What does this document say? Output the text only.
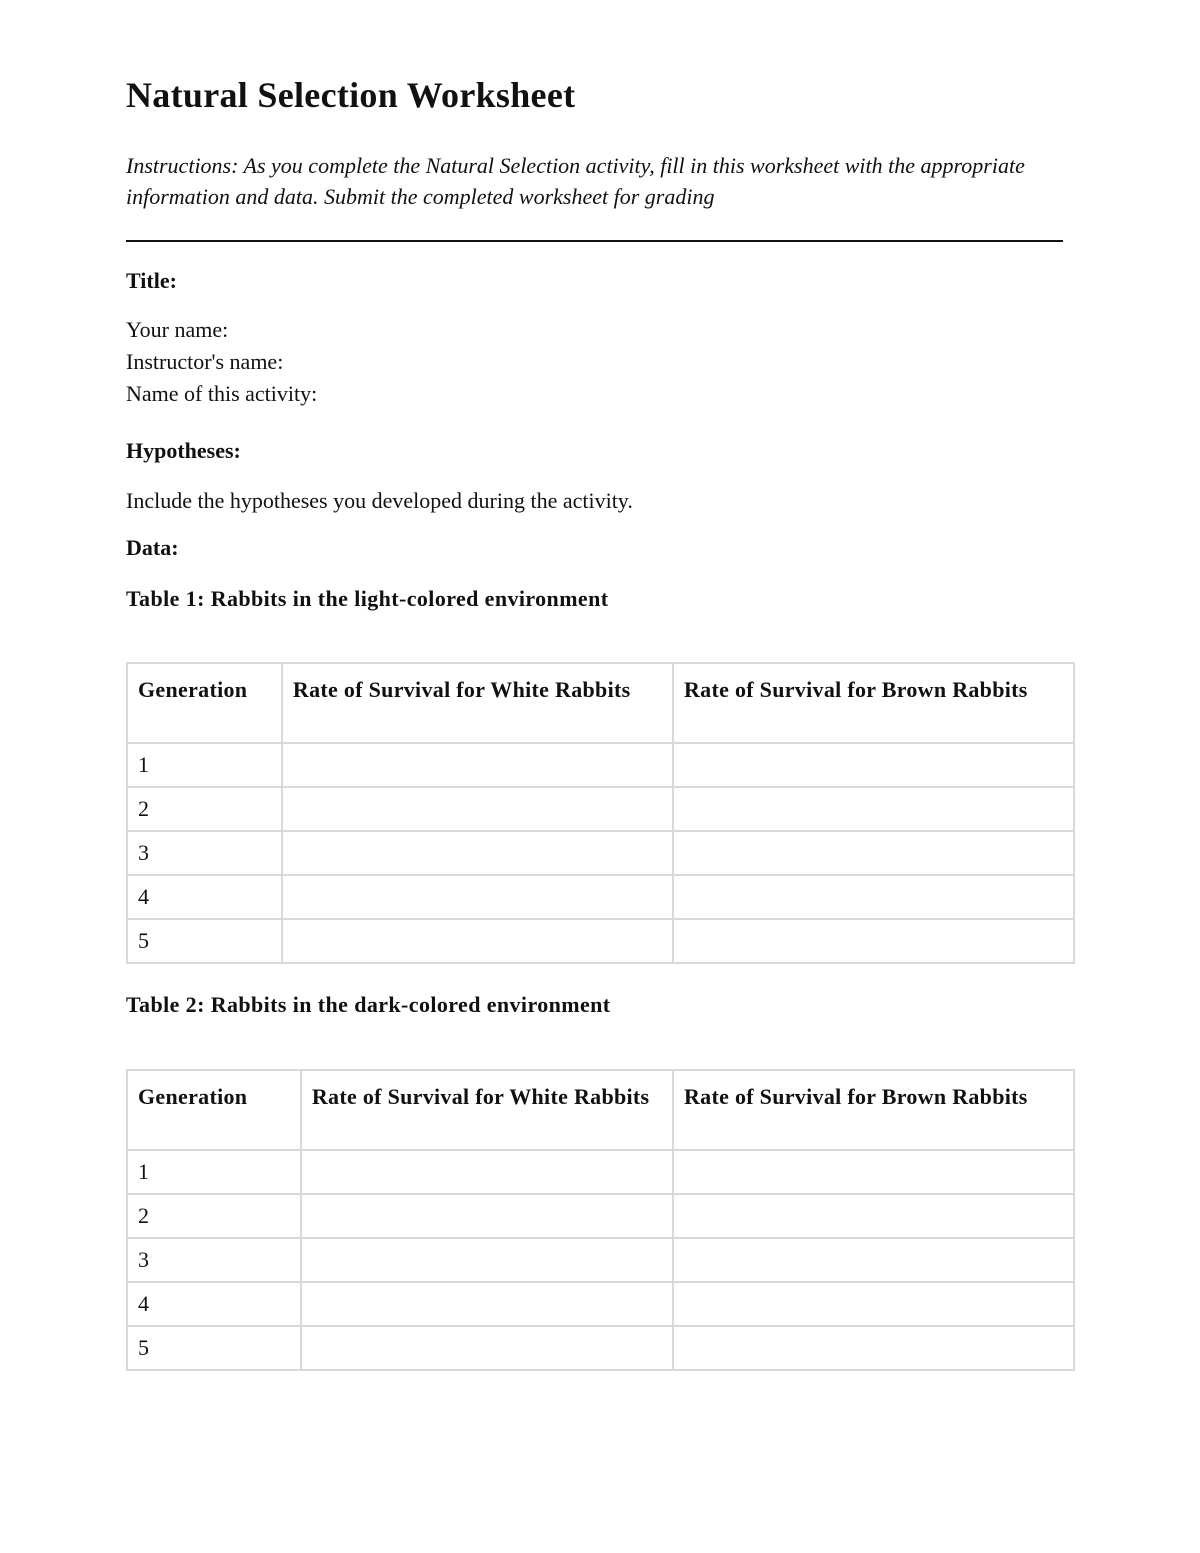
Natural Selection Worksheet

Instructions: As you complete the Natural Selection activity, fill in this worksheet with the appropriate information and data. Submit the completed worksheet for grading

Title:

Your name:

Instructor's name:

Name of this activity:

Hypotheses:

Include the hypotheses you developed during the activity.

Data:

Table 1: Rabbits in the light-colored environment

Generation	Rate of Survival for White Rabbits	Rate of Survival for Brown Rabbits
1		
2		
3		
4		
5		

Table 2: Rabbits in the dark-colored environment

Generation	Rate of Survival for White Rabbits	Rate of Survival for Brown Rabbits
1		
2		
3		
4		
5		
